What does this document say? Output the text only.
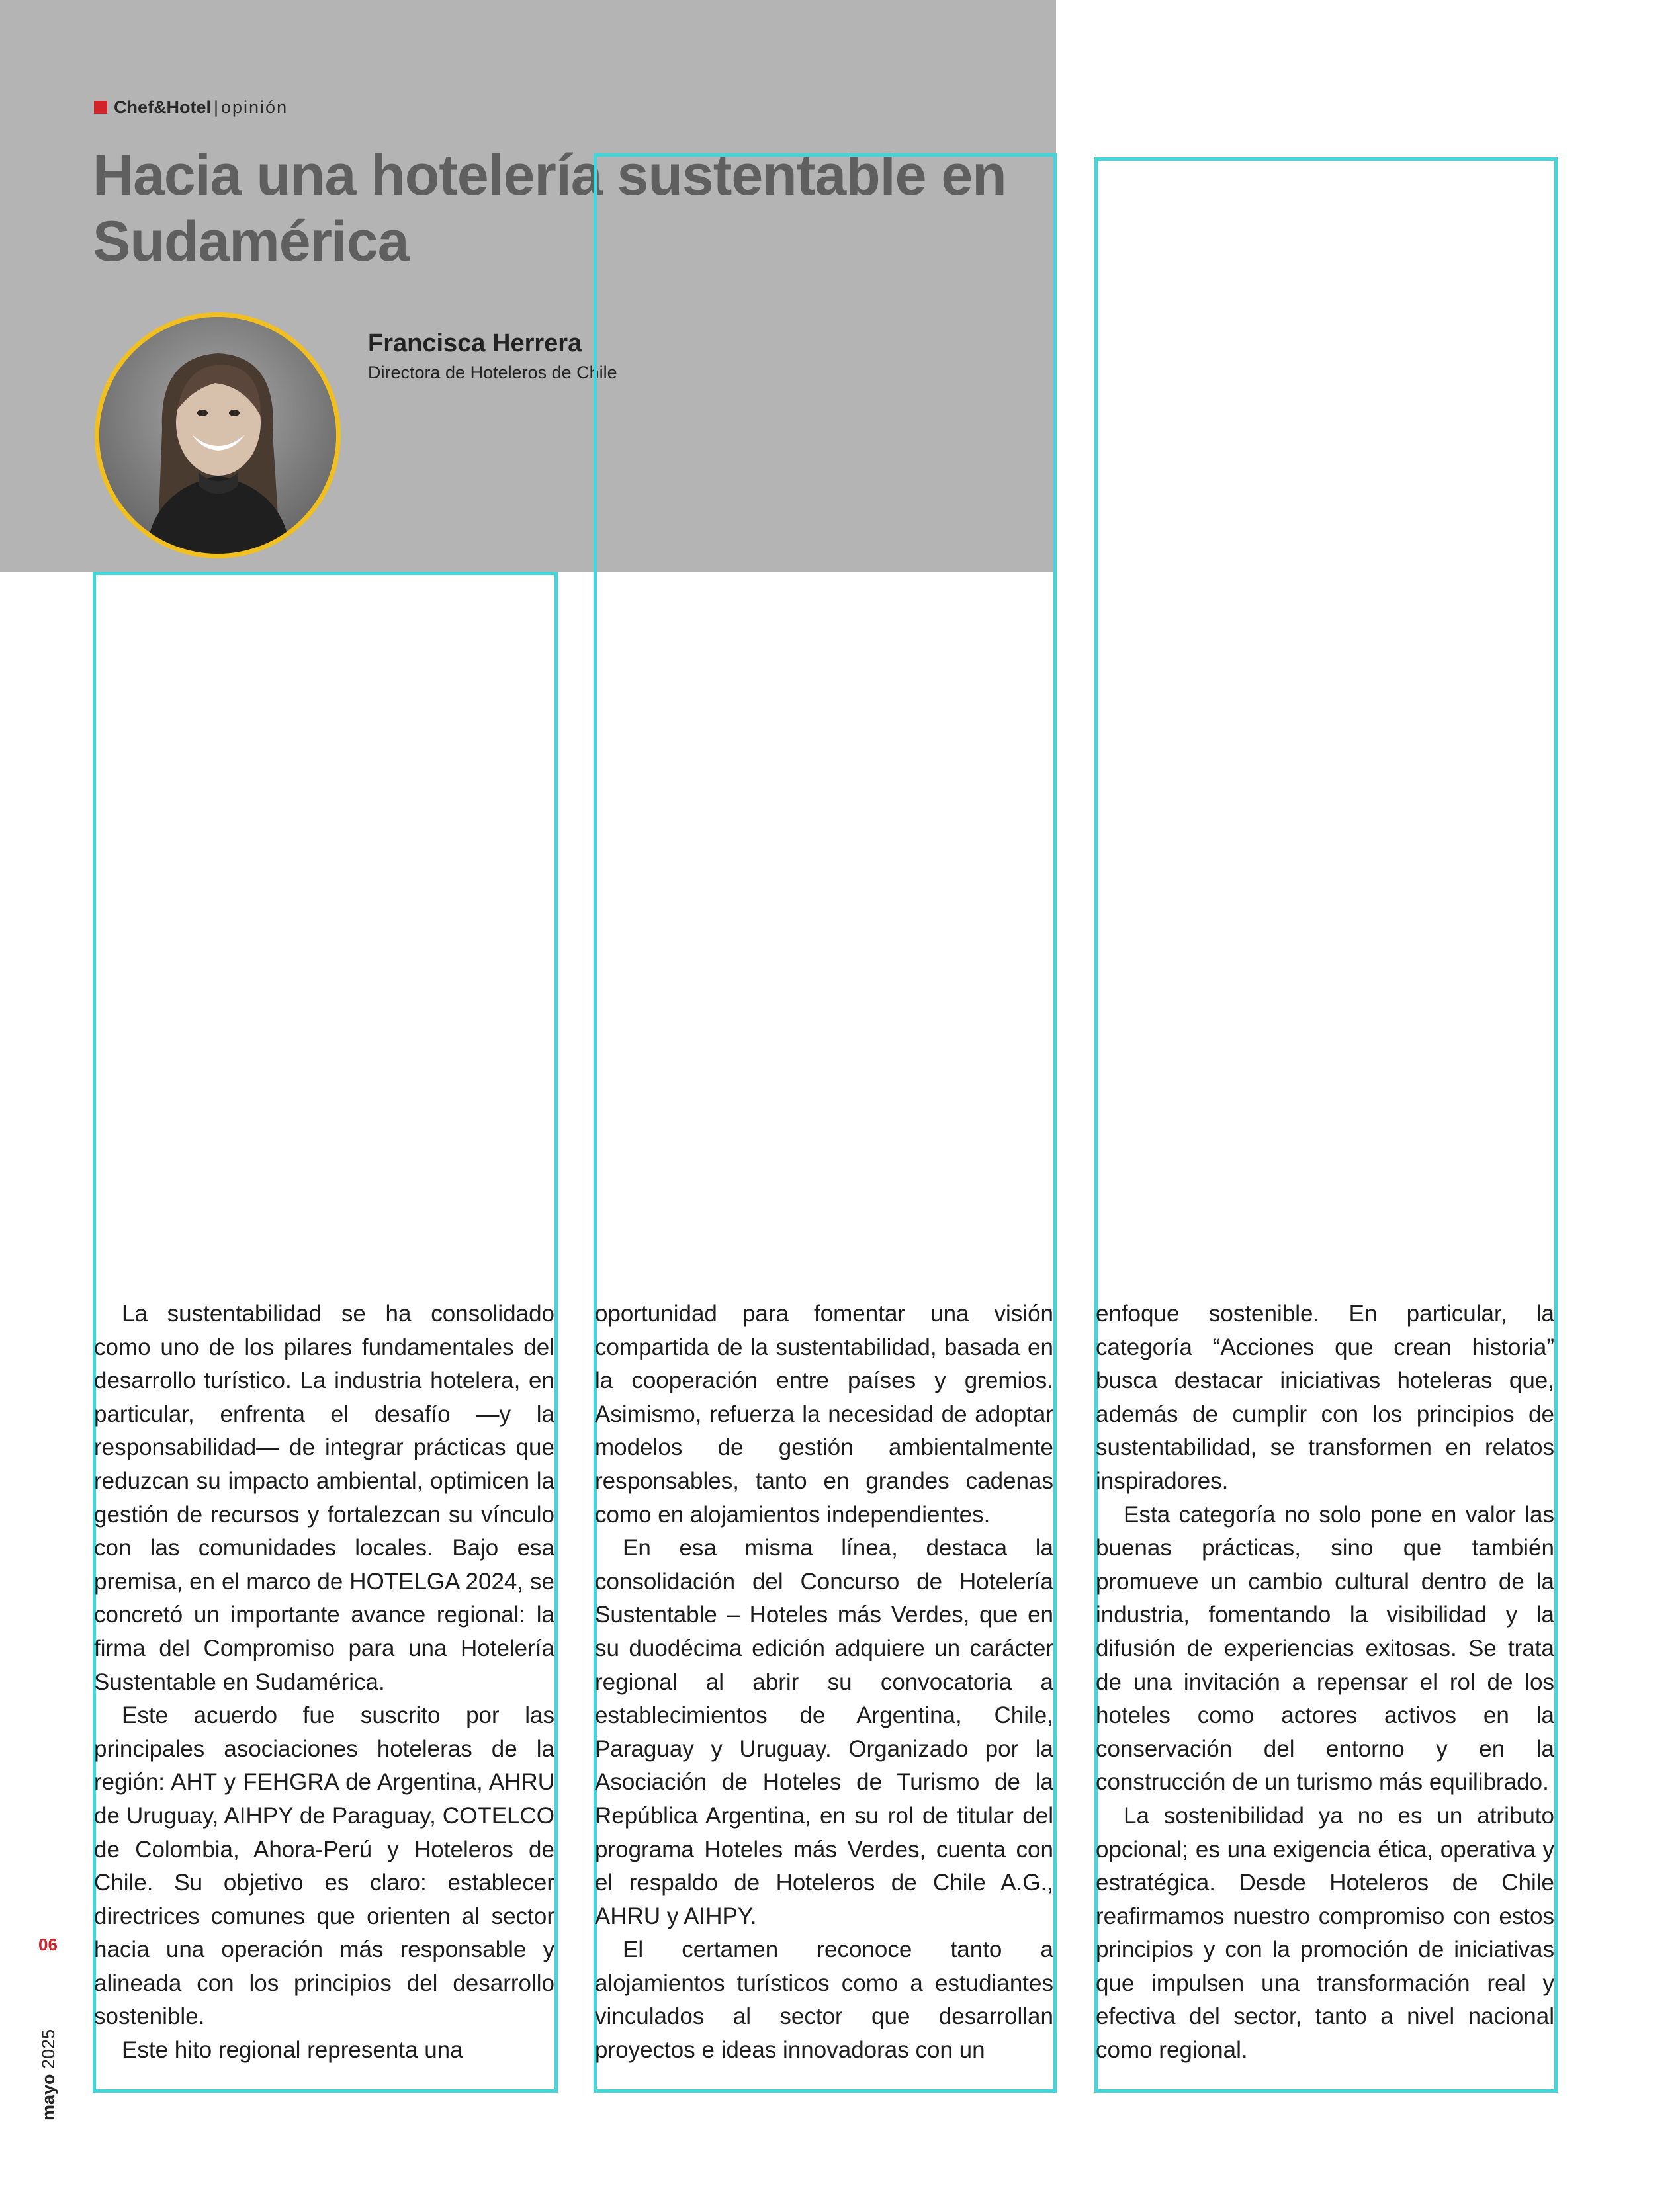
Chef&Hotel | opinión
Hacia una hotelería sustentable en Sudamérica
Francisca Herrera
Directora de Hoteleros de Chile

La sustentabilidad se ha consolidado como uno de los pilares fundamentales del desarrollo turístico. La industria hotelera, en particular, enfrenta el desafío —y la responsabilidad— de integrar prácticas que reduzcan su impacto ambiental, optimicen la gestión de recursos y fortalezcan su vínculo con las comunidades locales. Bajo esa premisa, en el marco de HOTELGA 2024, se concretó un importante avance regional: la firma del Compromiso para una Hotelería Sustentable en Sudamérica.

Este acuerdo fue suscrito por las principales asociaciones hoteleras de la región: AHT y FEHGRA de Argentina, AHRU de Uruguay, AIHPY de Paraguay, COTELCO de Colombia, Ahora-Perú y Hoteleros de Chile. Su objetivo es claro: establecer directrices comunes que orienten al sector hacia una operación más responsable y alineada con los principios del desarrollo sostenible.

Este hito regional representa una

oportunidad para fomentar una visión compartida de la sustentabilidad, basada en la cooperación entre países y gremios. Asimismo, refuerza la necesidad de adoptar modelos de gestión ambientalmente responsables, tanto en grandes cadenas como en alojamientos independientes.

En esa misma línea, destaca la consolidación del Concurso de Hotelería Sustentable – Hoteles más Verdes, que en su duodécima edición adquiere un carácter regional al abrir su convocatoria a establecimientos de Argentina, Chile, Paraguay y Uruguay. Organizado por la Asociación de Hoteles de Turismo de la República Argentina, en su rol de titular del programa Hoteles más Verdes, cuenta con el respaldo de Hoteleros de Chile A.G., AHRU y AIHPY.

El certamen reconoce tanto a alojamientos turísticos como a estudiantes vinculados al sector que desarrollan proyectos e ideas innovadoras con un

enfoque sostenible. En particular, la categoría “Acciones que crean historia” busca destacar iniciativas hoteleras que, además de cumplir con los principios de sustentabilidad, se transformen en relatos inspiradores.

Esta categoría no solo pone en valor las buenas prácticas, sino que también promueve un cambio cultural dentro de la industria, fomentando la visibilidad y la difusión de experiencias exitosas. Se trata de una invitación a repensar el rol de los hoteles como actores activos en la conservación del entorno y en la construcción de un turismo más equilibrado.

La sostenibilidad ya no es un atributo opcional; es una exigencia ética, operativa y estratégica. Desde Hoteleros de Chile reafirmamos nuestro compromiso con estos principios y con la promoción de iniciativas que impulsen una transformación real y efectiva del sector, tanto a nivel nacional como regional.

06
mayo 2025
